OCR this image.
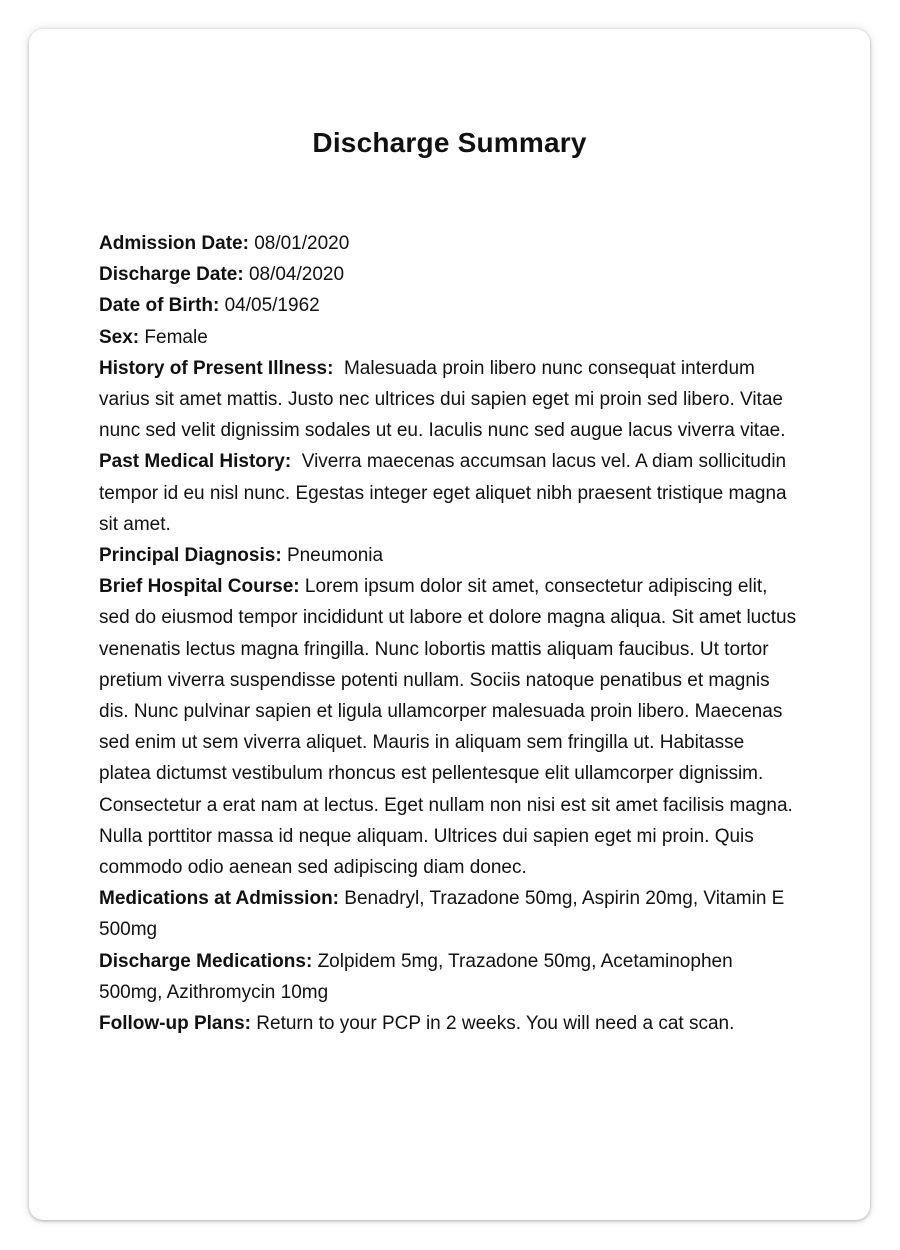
Discharge Summary

Admission Date: 08/01/2020

Discharge Date: 08/04/2020

Date of Birth: 04/05/1962

Sex: Female

History of Present Illness: Malesuada proin libero nunc consequat interdum varius sit amet mattis. Justo nec ultrices dui sapien eget mi proin sed libero. Vitae nunc sed velit dignissim sodales ut eu. Iaculis nunc sed augue lacus viverra vitae.

Past Medical History: Viverra maecenas accumsan lacus vel. A diam sollicitudin tempor id eu nisl nunc. Egestas integer eget aliquet nibh praesent tristique magna sit amet.

Principal Diagnosis: Pneumonia

Brief Hospital Course: Lorem ipsum dolor sit amet, consectetur adipiscing elit, sed do eiusmod tempor incididunt ut labore et dolore magna aliqua. Sit amet luctus venenatis lectus magna fringilla. Nunc lobortis mattis aliquam faucibus. Ut tortor pretium viverra suspendisse potenti nullam. Sociis natoque penatibus et magnis dis. Nunc pulvinar sapien et ligula ullamcorper malesuada proin libero. Maecenas sed enim ut sem viverra aliquet. Mauris in aliquam sem fringilla ut. Habitasse platea dictumst vestibulum rhoncus est pellentesque elit ullamcorper dignissim. Consectetur a erat nam at lectus. Eget nullam non nisi est sit amet facilisis magna. Nulla porttitor massa id neque aliquam. Ultrices dui sapien eget mi proin. Quis commodo odio aenean sed adipiscing diam donec.

Medications at Admission: Benadryl, Trazadone 50mg, Aspirin 20mg, Vitamin E 500mg

Discharge Medications: Zolpidem 5mg, Trazadone 50mg, Acetaminophen 500mg, Azithromycin 10mg

Follow-up Plans: Return to your PCP in 2 weeks. You will need a cat scan.
